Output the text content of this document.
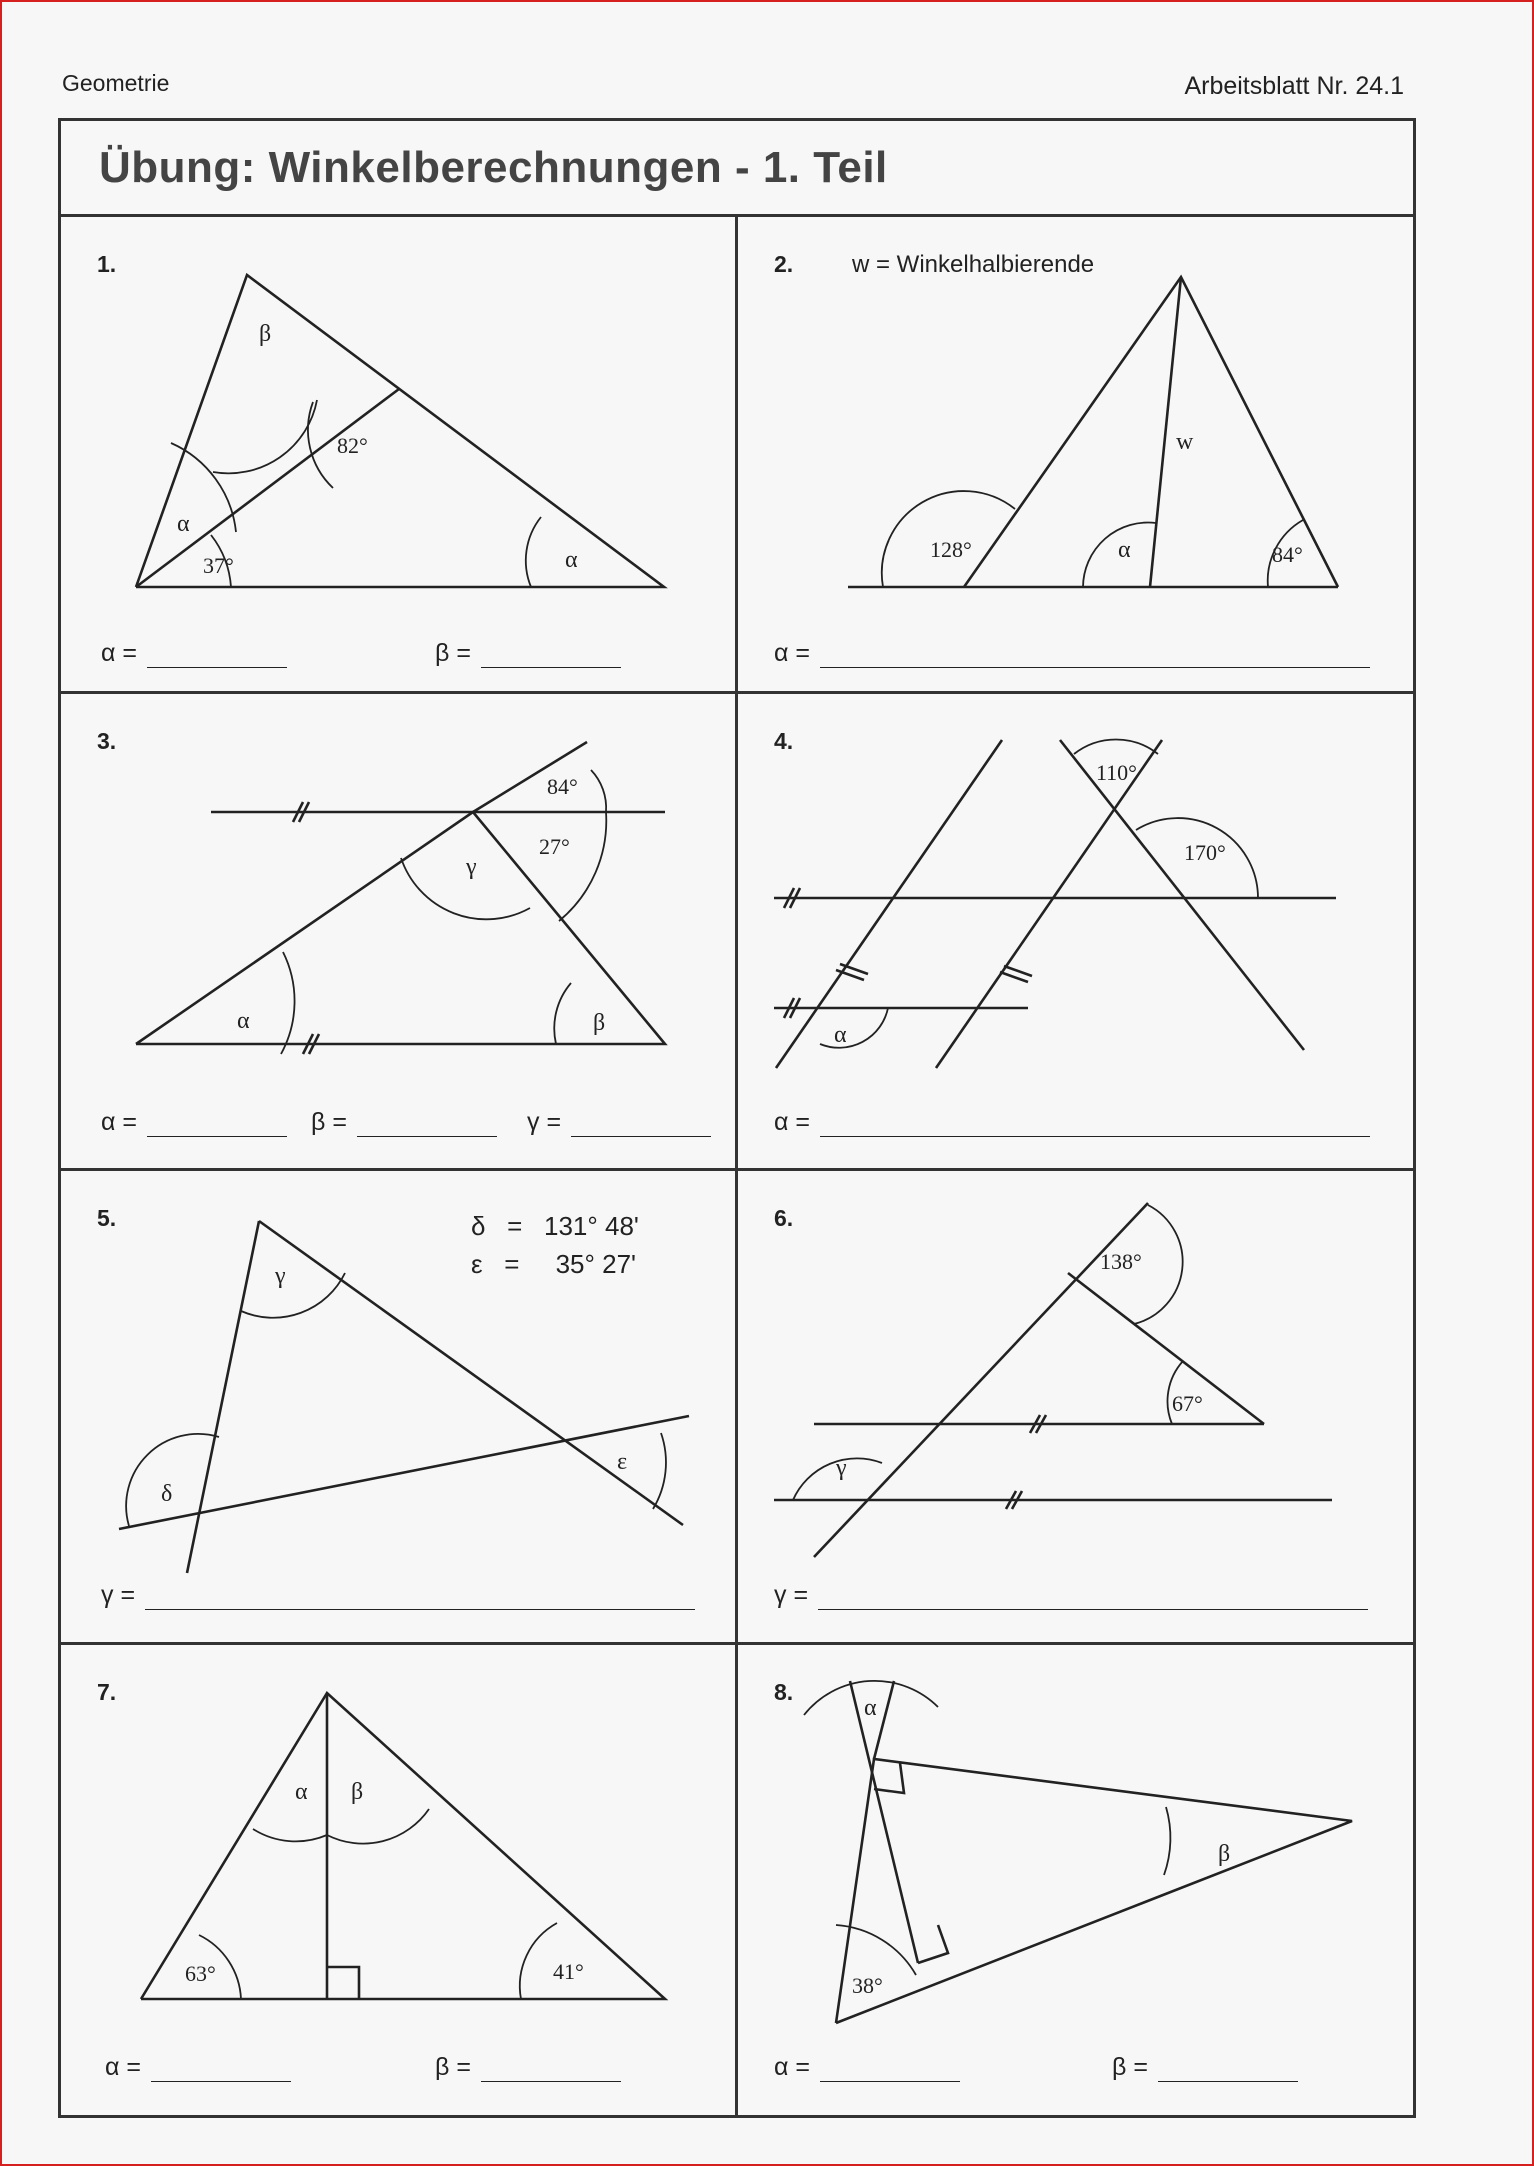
Geometrie	Arbeitsblatt Nr. 24.1
Übung: Winkelberechnungen - 1. Teil
1.
37°
82°
β
α
α
α =	β =
2. w = Winkelhalbierende
128°	α	84°
w
α =
3.
84°
27°
γ
α	β
α =	β =	γ =
4.
110°
170°
α
α =
5.	δ   =   131° 48'
ε   =     35° 27'
γ
δ
ε
γ =
6.
138°
67°
γ
γ =
7.
α β
63°	41°
α =	β =
8.
α
β
38°
α =	β =
